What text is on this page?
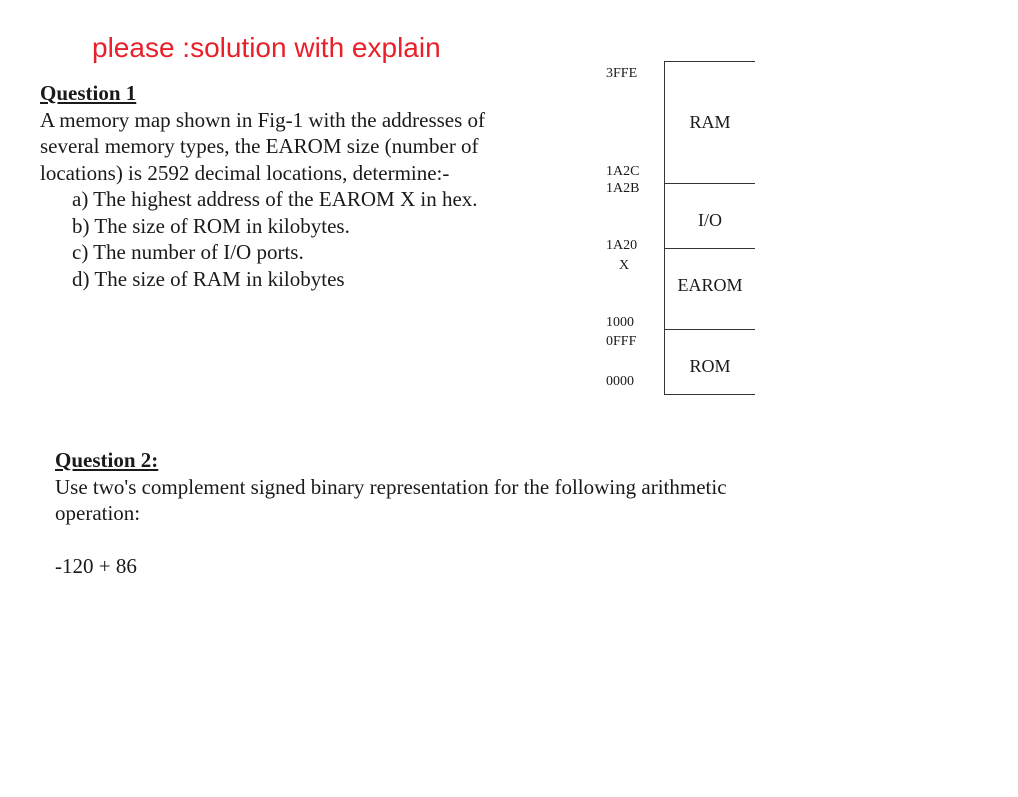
please :solution with explain

Question 1

A memory map shown in Fig-1 with the addresses of

several memory types, the EAROM size (number of

locations) is 2592 decimal locations, determine:-

a) The highest address of the EAROM X in hex.
b) The size of ROM in kilobytes.
c) The number of I/O ports.
d) The size of RAM in kilobytes
3FFE
1A2C
1A2B
1A20
X
1000
0FFF
0000
RAM
I/O
EAROM
ROM

Question 2:

Use two's complement signed binary representation for the following arithmetic

operation:

-120 + 86
